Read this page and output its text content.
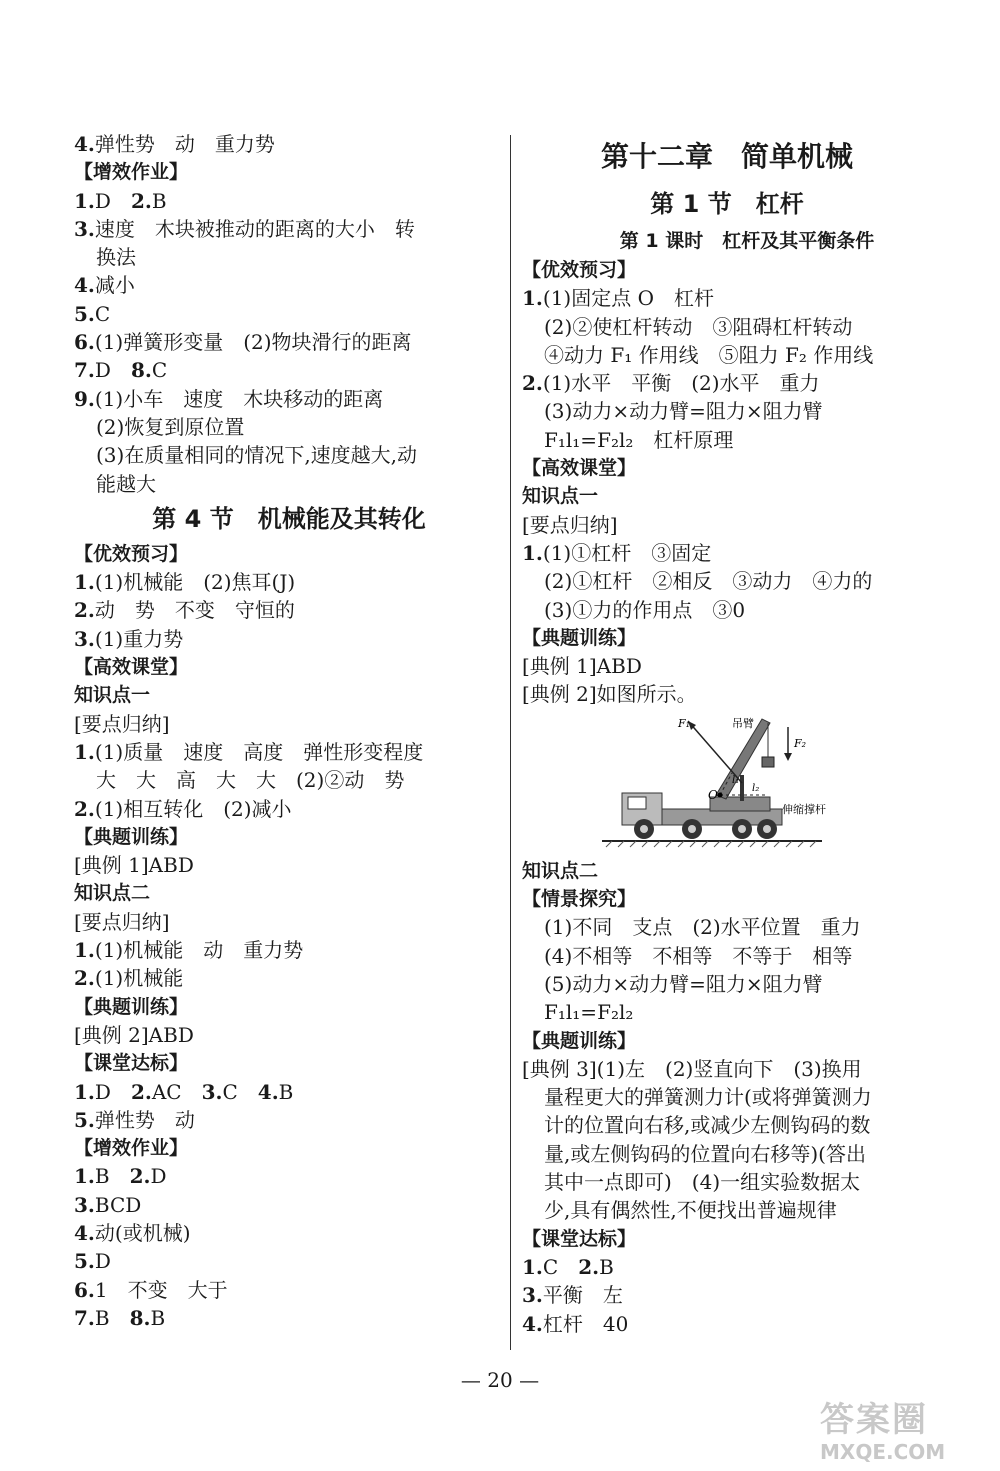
4.弹性势　动　重力势
【增效作业】
1.D　2.B
3.速度　木块被推动的距离的大小　转
换法
4.减小
5.C
6.(1)弹簧形变量　(2)物块滑行的距离
7.D　8.C
9.(1)小车　速度　木块移动的距离
(2)恢复到原位置
(3)在质量相同的情况下,速度越大,动
能越大
第 4 节　机械能及其转化
【优效预习】
1.(1)机械能　(2)焦耳(J)
2.动　势　不变　守恒的
3.(1)重力势
【高效课堂】
知识点一
[要点归纳]
1.(1)质量　速度　高度　弹性形变程度
大　大　高　大　大　(2)②动　势
2.(1)相互转化　(2)减小
【典题训练】
[典例 1]ABD
知识点二
[要点归纳]
1.(1)机械能　动　重力势
2.(1)机械能
【典题训练】
[典例 2]ABD
【课堂达标】
1.D　2.AC　3.C　4.B
5.弹性势　动
【增效作业】
1.B　2.D
3.BCD
4.动(或机械)
5.D
6.1　不变　大于
7.B　8.B
第十二章　简单机械
第 1 节　杠杆
第 1 课时　杠杆及其平衡条件
【优效预习】
1.(1)固定点 O　杠杆
(2)②使杠杆转动　③阻碍杠杆转动
④动力 F₁ 作用线　⑤阻力 F₂ 作用线
2.(1)水平　平衡　(2)水平　重力
(3)动力×动力臂=阻力×阻力臂
F₁l₁=F₂l₂　杠杆原理
【高效课堂】
知识点一
[要点归纳]
1.(1)①杠杆　③固定
(2)①杠杆　②相反　③动力　④力的
(3)①力的作用点　③0
【典题训练】
[典例 1]ABD
[典例 2]如图所示。
F₁	吊臂
F₂
O
l₁
l₂
伸缩撑杆
知识点二
【情景探究】
(1)不同　支点　(2)水平位置　重力
(4)不相等　不相等　不等于　相等
(5)动力×动力臂=阻力×阻力臂
F₁l₁=F₂l₂
【典题训练】
[典例 3](1)左　(2)竖直向下　(3)换用
量程更大的弹簧测力计(或将弹簧测力
计的位置向右移,或减少左侧钩码的数
量,或左侧钩码的位置向右移等)(答出
其中一点即可)　(4)一组实验数据太
少,具有偶然性,不便找出普遍规律
【课堂达标】
1.C　2.B
3.平衡　左
4.杠杆　40
— 20 —
答案圈
MXQE.COM
